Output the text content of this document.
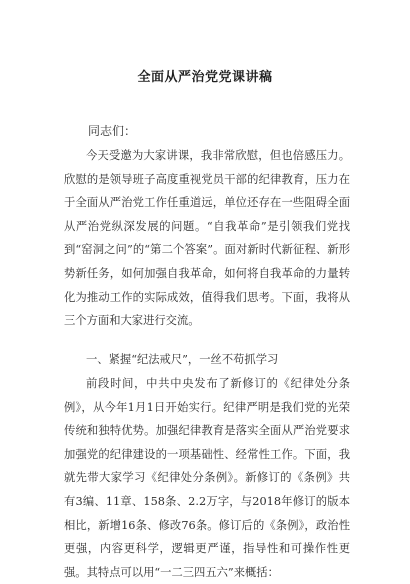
全面从严治党党课讲稿
同志们：

今天受邀为大家讲课，我非常欣慰，但也倍感压力。欣慰的是领导班子高度重视党员干部的纪律教育，压力在于全面从严治党工作任重道远，单位还存在一些阻碍全面从严治党纵深发展的问题。“自我革命”是引领我们党找到“窑洞之问”的“第二个答案”。面对新时代新征程、新形势新任务，如何加强自我革命，如何将自我革命的力量转化为推动工作的实际成效，值得我们思考。下面，我将从三个方面和大家进行交流。

一、紧握“纪法戒尺”，一丝不苟抓学习

前段时间，中共中央发布了新修订的《纪律处分条例》，从今年1月1日开始实行。纪律严明是我们党的光荣传统和独特优势。加强纪律教育是落实全面从严治党要求加强党的纪律建设的一项基础性、经常性工作。下面，我就先带大家学习《纪律处分条例》。新修订的《条例》共有3编、11章、158条、2.2万字，与2018年修订的版本相比，新增16条、修改76条。修订后的《条例》，政治性更强，内容更科学，逻辑更严谨，指导性和可操作性更强。其特点可以用“一二三四五六”来概括：
